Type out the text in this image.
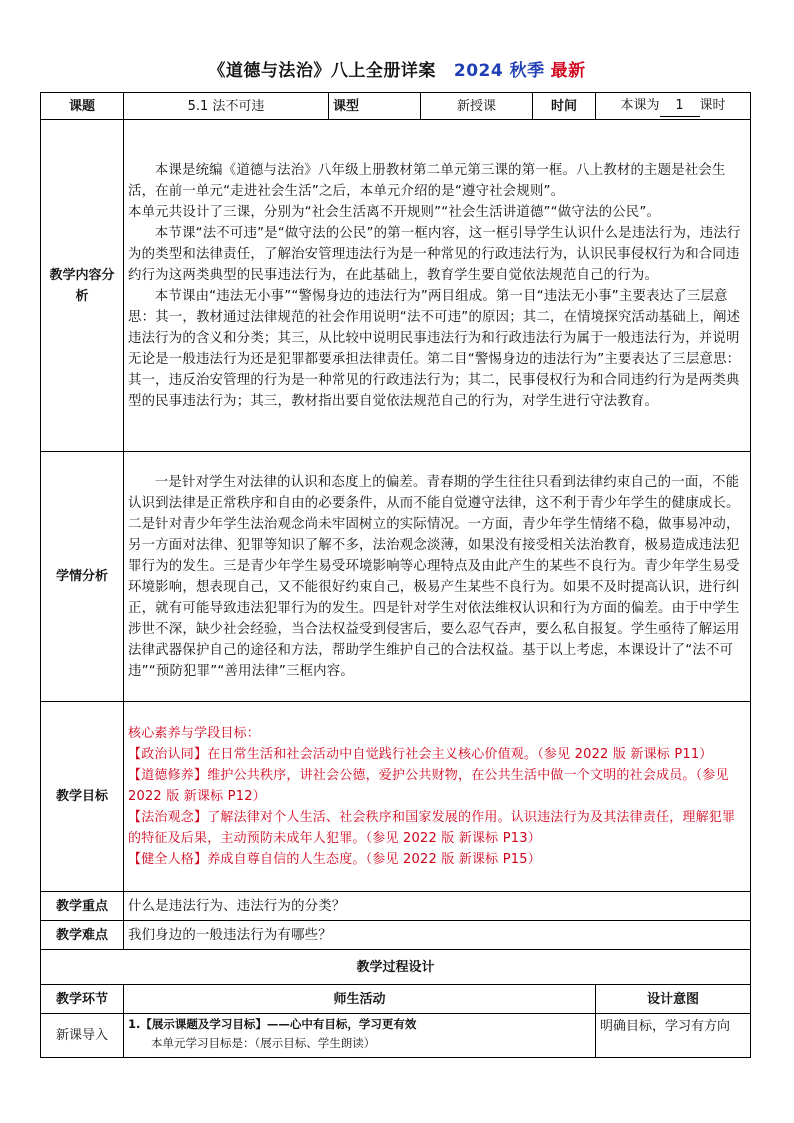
《道德与法治》八上全册详案 2024 秋季 最新
课题	5.1 法不可违	课型	新授课	时间	本课为 1 课时
教学内容分析	本课是统编《道德与法治》八年级上册教材第二单元第三课的第一框。八上教材的主题是社会生活，在前一单元“走进社会生活”之后，本单元介绍的是“遵守社会规则”。
本单元共设计了三课，分别为“社会生活离不开规则”“社会生活讲道德”“做守法的公民”。
本节课“法不可违”是“做守法的公民”的第一框内容，这一框引导学生认识什么是违法行为，违法行为的类型和法律责任，了解治安管理违法行为是一种常见的行政违法行为，认识民事侵权行为和合同违约行为这两类典型的民事违法行为，在此基础上，教育学生要自觉依法规范自己的行为。
本节课由“违法无小事”“警惕身边的违法行为”两目组成。第一目“违法无小事”主要表达了三层意思：其一，教材通过法律规范的社会作用说明“法不可违”的原因；其二，在情境探究活动基础上，阐述违法行为的含义和分类；其三，从比较中说明民事违法行为和行政违法行为属于一般违法行为，并说明无论是一般违法行为还是犯罪都要承担法律责任。第二目“警惕身边的违法行为”主要表达了三层意思：其一，违反治安管理的行为是一种常见的行政违法行为；其二，民事侵权行为和合同违约行为是两类典型的民事违法行为；其三，教材指出要自觉依法规范自己的行为，对学生进行守法教育。				

学情分析	一是针对学生对法律的认识和态度上的偏差。青春期的学生往往只看到法律约束自己的一面，不能认识到法律是正常秩序和自由的必要条件，从而不能自觉遵守法律，这不利于青少年学生的健康成长。二是针对青少年学生法治观念尚未牢固树立的实际情况。一方面，青少年学生情绪不稳，做事易冲动，另一方面对法律、犯罪等知识了解不多，法治观念淡薄，如果没有接受相关法治教育，极易造成违法犯罪行为的发生。三是青少年学生易受环境影响等心理特点及由此产生的某些不良行为。青少年学生易受环境影响，想表现自己，又不能很好约束自己，极易产生某些不良行为。如果不及时提高认识，进行纠正，就有可能导致违法犯罪行为的发生。四是针对学生对依法维权认识和行为方面的偏差。由于中学生涉世不深，缺少社会经验，当合法权益受到侵害后，要么忍气吞声，要么私自报复。学生亟待了解运用法律武器保护自己的途径和方法，帮助学生维护自己的合法权益。基于以上考虑，本课设计了“法不可违”“预防犯罪”“善用法律”三框内容。				

教学目标	核心素养与学段目标：
【政治认同】在日常生活和社会活动中自觉践行社会主义核心价值观。（参见 2022 版 新课标 P11）
【道德修养】维护公共秩序，讲社会公德，爱护公共财物，在公共生活中做一个文明的社会成员。（参见 2022 版 新课标 P12）
【法治观念】了解法律对个人生活、社会秩序和国家发展的作用。认识违法行为及其法律责任，理解犯罪的特征及后果，主动预防未成年人犯罪。（参见 2022 版 新课标 P13）
【健全人格】养成自尊自信的人生态度。（参见 2022 版 新课标 P15）				

教学重点	什么是违法行为、违法行为的分类？				
教学难点	我们身边的一般违法行为有哪些？				
教学过程设计					
教学环节	师生活动				设计意图
新课导入	1.【展示课题及学习目标】——心中有目标，学习更有效
本单元学习目标是：（展示目标、学生朗读）				明确目标，学习有方向
